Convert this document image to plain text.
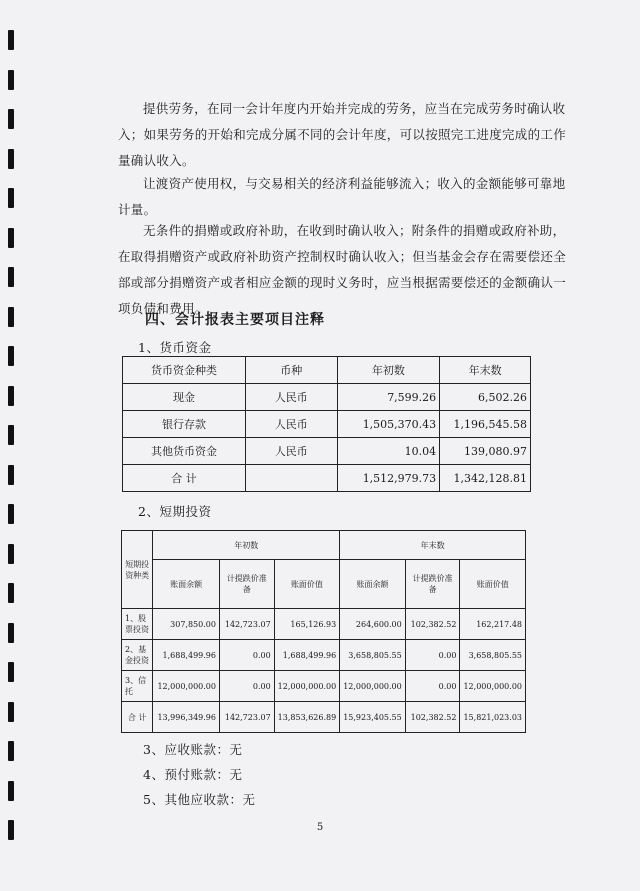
提供劳务，在同一会计年度内开始并完成的劳务，应当在完成劳务时确认收入；如果劳务的开始和完成分属不同的会计年度，可以按照完工进度完成的工作量确认收入。

让渡资产使用权，与交易相关的经济利益能够流入；收入的金额能够可靠地计量。

无条件的捐赠或政府补助，在收到时确认收入；附条件的捐赠或政府补助，在取得捐赠资产或政府补助资产控制权时确认收入；但当基金会存在需要偿还全部或部分捐赠资产或者相应金额的现时义务时，应当根据需要偿还的金额确认一项负债和费用。

四、会计报表主要项目注释

1、货币资金

货币资金种类	币种	年初数	年末数
现金	人民币	7,599.26	6,502.26
银行存款	人民币	1,505,370.43	1,196,545.58
其他货币资金	人民币	10.04	139,080.97
合 计		1,512,979.73	1,342,128.81

2、短期投资

短期投资种类	年初数			年末数		
	账面余额	计提跌价准备	账面价值	账面余额	计提跌价准备	账面价值
1、股票投资	307,850.00	142,723.07	165,126.93	264,600.00	102,382.52	162,217.48
2、基金投资	1,688,499.96	0.00	1,688,499.96	3,658,805.55	0.00	3,658,805.55
3、信托	12,000,000.00	0.00	12,000,000.00	12,000,000.00	0.00	12,000,000.00
合 计	13,996,349.96	142,723.07	13,853,626.89	15,923,405.55	102,382.52	15,821,023.03

3、应收账款：无

4、预付账款：无

5、其他应收款：无

5
